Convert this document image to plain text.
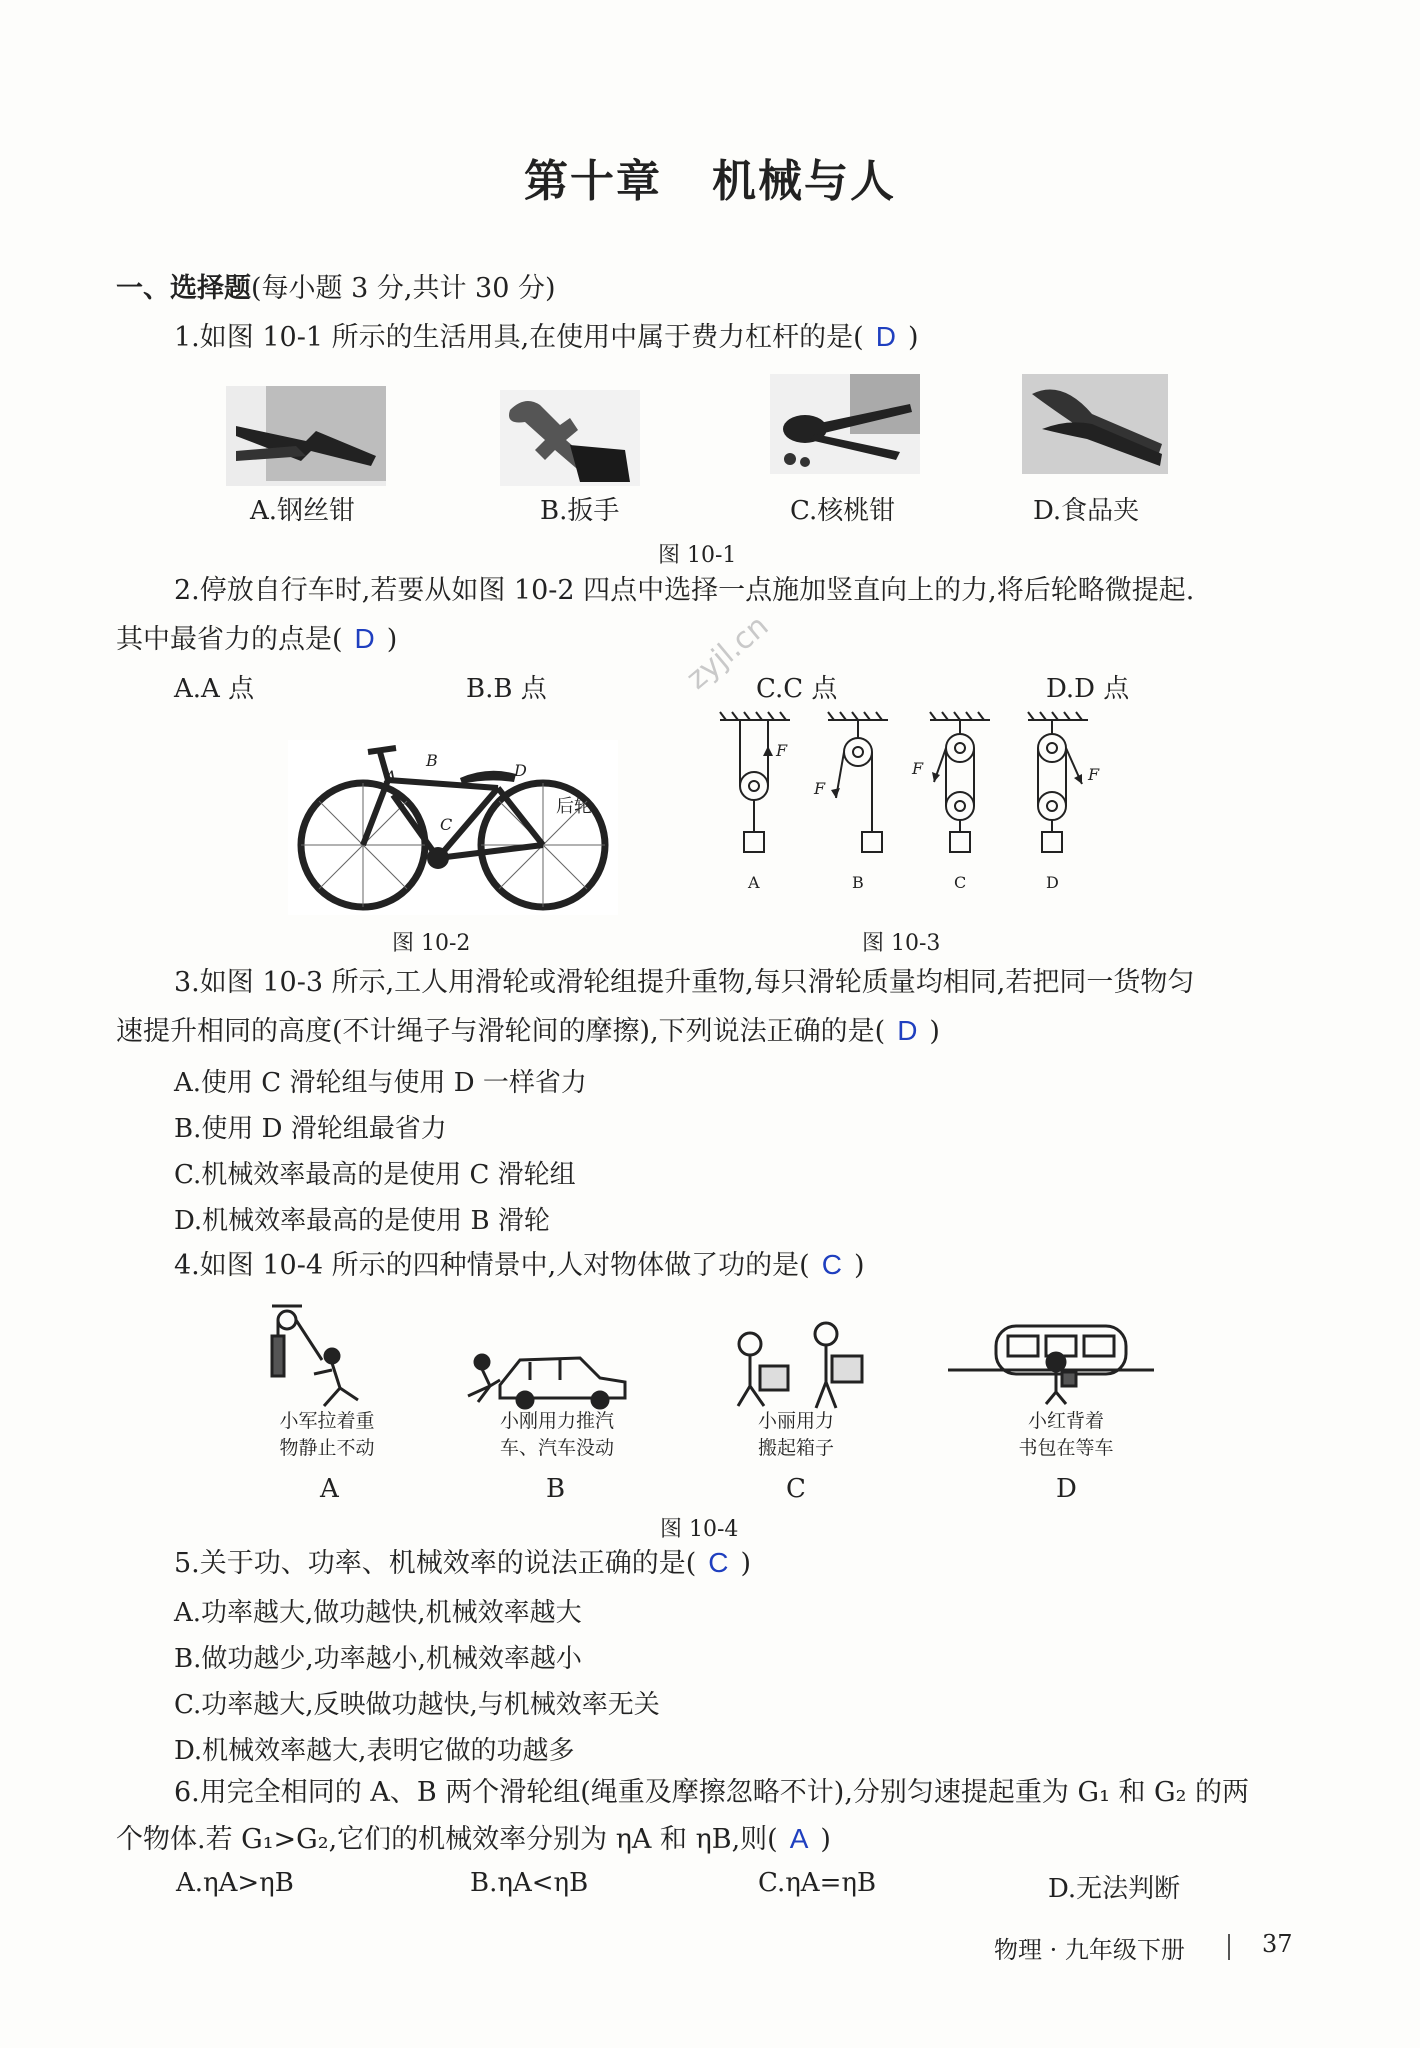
第十章 机械与人
一、选择题(每小题 3 分,共计 30 分)
1.如图 10-1 所示的生活用具,在使用中属于费力杠杆的是( D )
A.钢丝钳	B.扳手	C.核桃钳	D.食品夹
图 10-1
2.停放自行车时,若要从如图 10-2 四点中选择一点施加竖直向上的力,将后轮略微提起.
其中最省力的点是( D )
A.A 点	B.B 点	C.C 点	D.D 点
zyjl.cn
A
B
C
D
后轮
图 10-2
F
F
F	F
A	B	C	D
图 10-3
3.如图 10-3 所示,工人用滑轮或滑轮组提升重物,每只滑轮质量均相同,若把同一货物匀
速提升相同的高度(不计绳子与滑轮间的摩擦),下列说法正确的是( D )
A.使用 C 滑轮组与使用 D 一样省力
B.使用 D 滑轮组最省力
C.机械效率最高的是使用 C 滑轮组
D.机械效率最高的是使用 B 滑轮
4.如图 10-4 所示的四种情景中,人对物体做了功的是( C )
小军拉着重
物静止不动
小刚用力推汽
车、汽车没动
小丽用力
搬起箱子
小红背着
书包在等车
A	B	C	D
图 10-4
5.关于功、功率、机械效率的说法正确的是( C )
A.功率越大,做功越快,机械效率越大
B.做功越少,功率越小,机械效率越小
C.功率越大,反映做功越快,与机械效率无关
D.机械效率越大,表明它做的功越多
6.用完全相同的 A、B 两个滑轮组(绳重及摩擦忽略不计),分别匀速提起重为 G₁ 和 G₂ 的两
个物体.若 G₁>G₂,它们的机械效率分别为 ηA 和 ηB,则( A )
A.ηA>ηB	B.ηA<ηB	C.ηA=ηB	D.无法判断
物理 · 九年级下册	37
